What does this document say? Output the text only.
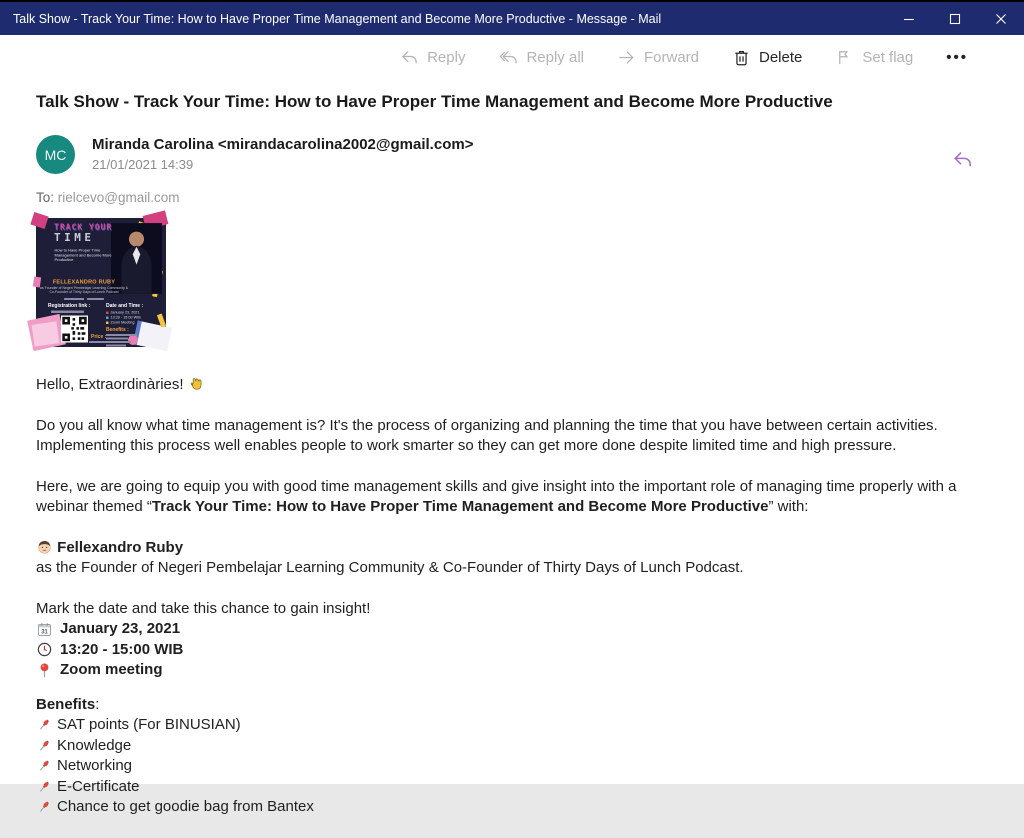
Talk Show - Track Your Time: How to Have Proper Time Management and Become More Productive - Message - Mail
Reply	Reply all	Forward	Delete	Set flag •••
Talk Show - Track Your Time: How to Have Proper Time Management and Become More Productive
MC
Miranda Carolina <mirandacarolina2002@gmail.com>
21/01/2021 14:39
To: rielcevo@gmail.com
TRACK YOUR
TIME
How to Have Proper Time Management and Become More Productive
FELLEXANDRO RUBY
as Founder of Negeri Pembelajar Learning Community & Co-Founder of Thirty Days of Lunch Podcast
Registration link :
Price :
Date and Time :
January 23, 2021
13:20 - 15:00 WIB
Zoom Meeting
Benefits :

Hello, Extraordinàries!

Do you all know what time management is? It's the process of organizing and planning the time that you have between certain activities. Implementing this process well enables people to work smarter so they can get more done despite limited time and high pressure.

Here, we are going to equip you with good time management skills and give insight into the important role of managing time properly with a webinar themed “Track Your Time: How to Have Proper Time Management and Become More Productive” with:

Fellexandro Ruby
as the Founder of Negeri Pembelajar Learning Community & Co-Founder of Thirty Days of Lunch Podcast.
Mark the date and take this chance to gain insight!
31 January 23, 2021
13:20 - 15:00 WIB
Zoom meeting
Benefits:
SAT points (For BINUSIAN)
Knowledge
Networking
E-Certificate
Chance to get goodie bag from Bantex
